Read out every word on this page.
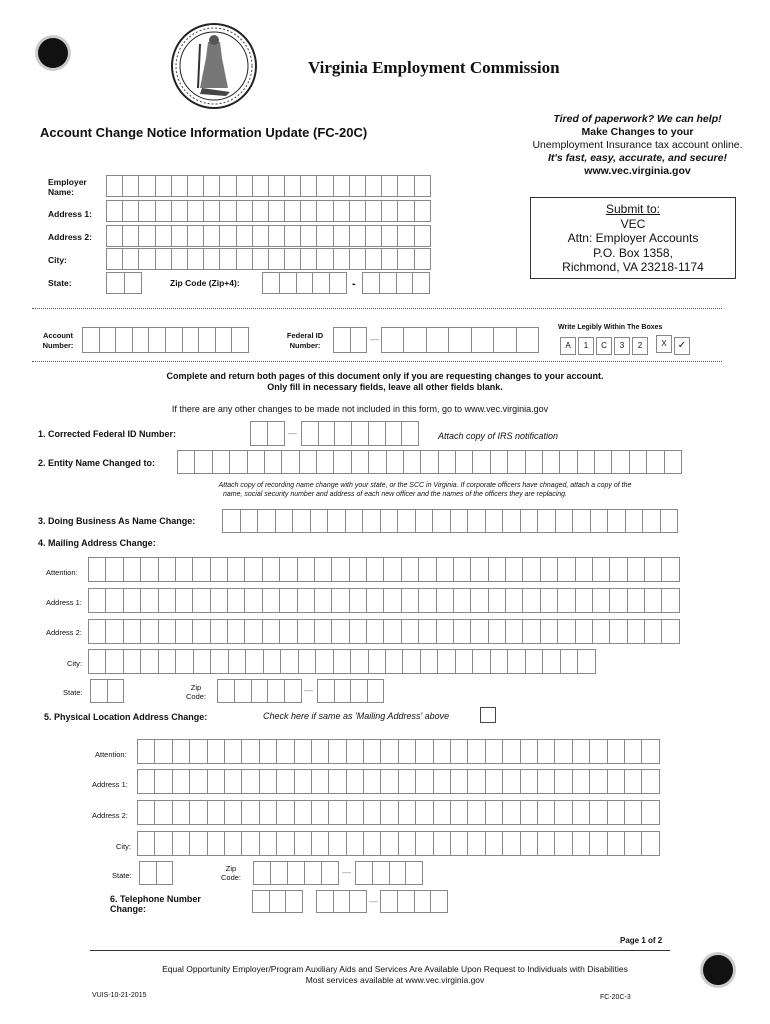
Virginia Employment Commission
Account Change Notice Information Update (FC-20C)
Tired of paperwork? We can help!
Make Changes to your
Unemployment Insurance tax account online.
It's fast, easy, accurate, and secure!
www.vec.virginia.gov
Submit to:
VEC
Attn: Employer Accounts
P.O. Box 1358,
Richmond, VA 23218-1174
Employer Name:
Address 1:
Address 2:
City:
State:	Zip Code (Zip+4):	-
Account Number:
Federal ID Number:
—
Write Legibly Within The Boxes
A	1	C	3	2	X	✓
Complete and return both pages of this document only if you are requesting changes to your account.
Only fill in necessary fields, leave all other fields blank.
If there are any other changes to be made not included in this form, go to www.vec.virginia.gov
1. Corrected Federal ID Number:	—	Attach copy of IRS notification
2. Entity Name Changed to:
Attach copy of recording name change with your state, or the SCC in Virginia. If corporate officers have chnaged, attach a copy of the
name, social security number and address of each new officer and the names of the officers they are replacing.
3. Doing Business As Name Change:
4. Mailing Address Change:
Attention:
Address 1:
Address 2:
City:
State:
Zip Code:
—
5. Physical Location Address Change:	Check here if same as 'Mailing Address' above
Attention:
Address 1:
Address 2:
City:
State:
Zip Code:
—
6. Telephone Number Change:
—
Page 1 of 2
Equal Opportunity Employer/Program Auxiliary Aids and Services Are Available Upon Request to Individuals with Disabilities
Most services available at www.vec.virginia.gov
VUIS-10-21-2015	FC-20C-3
